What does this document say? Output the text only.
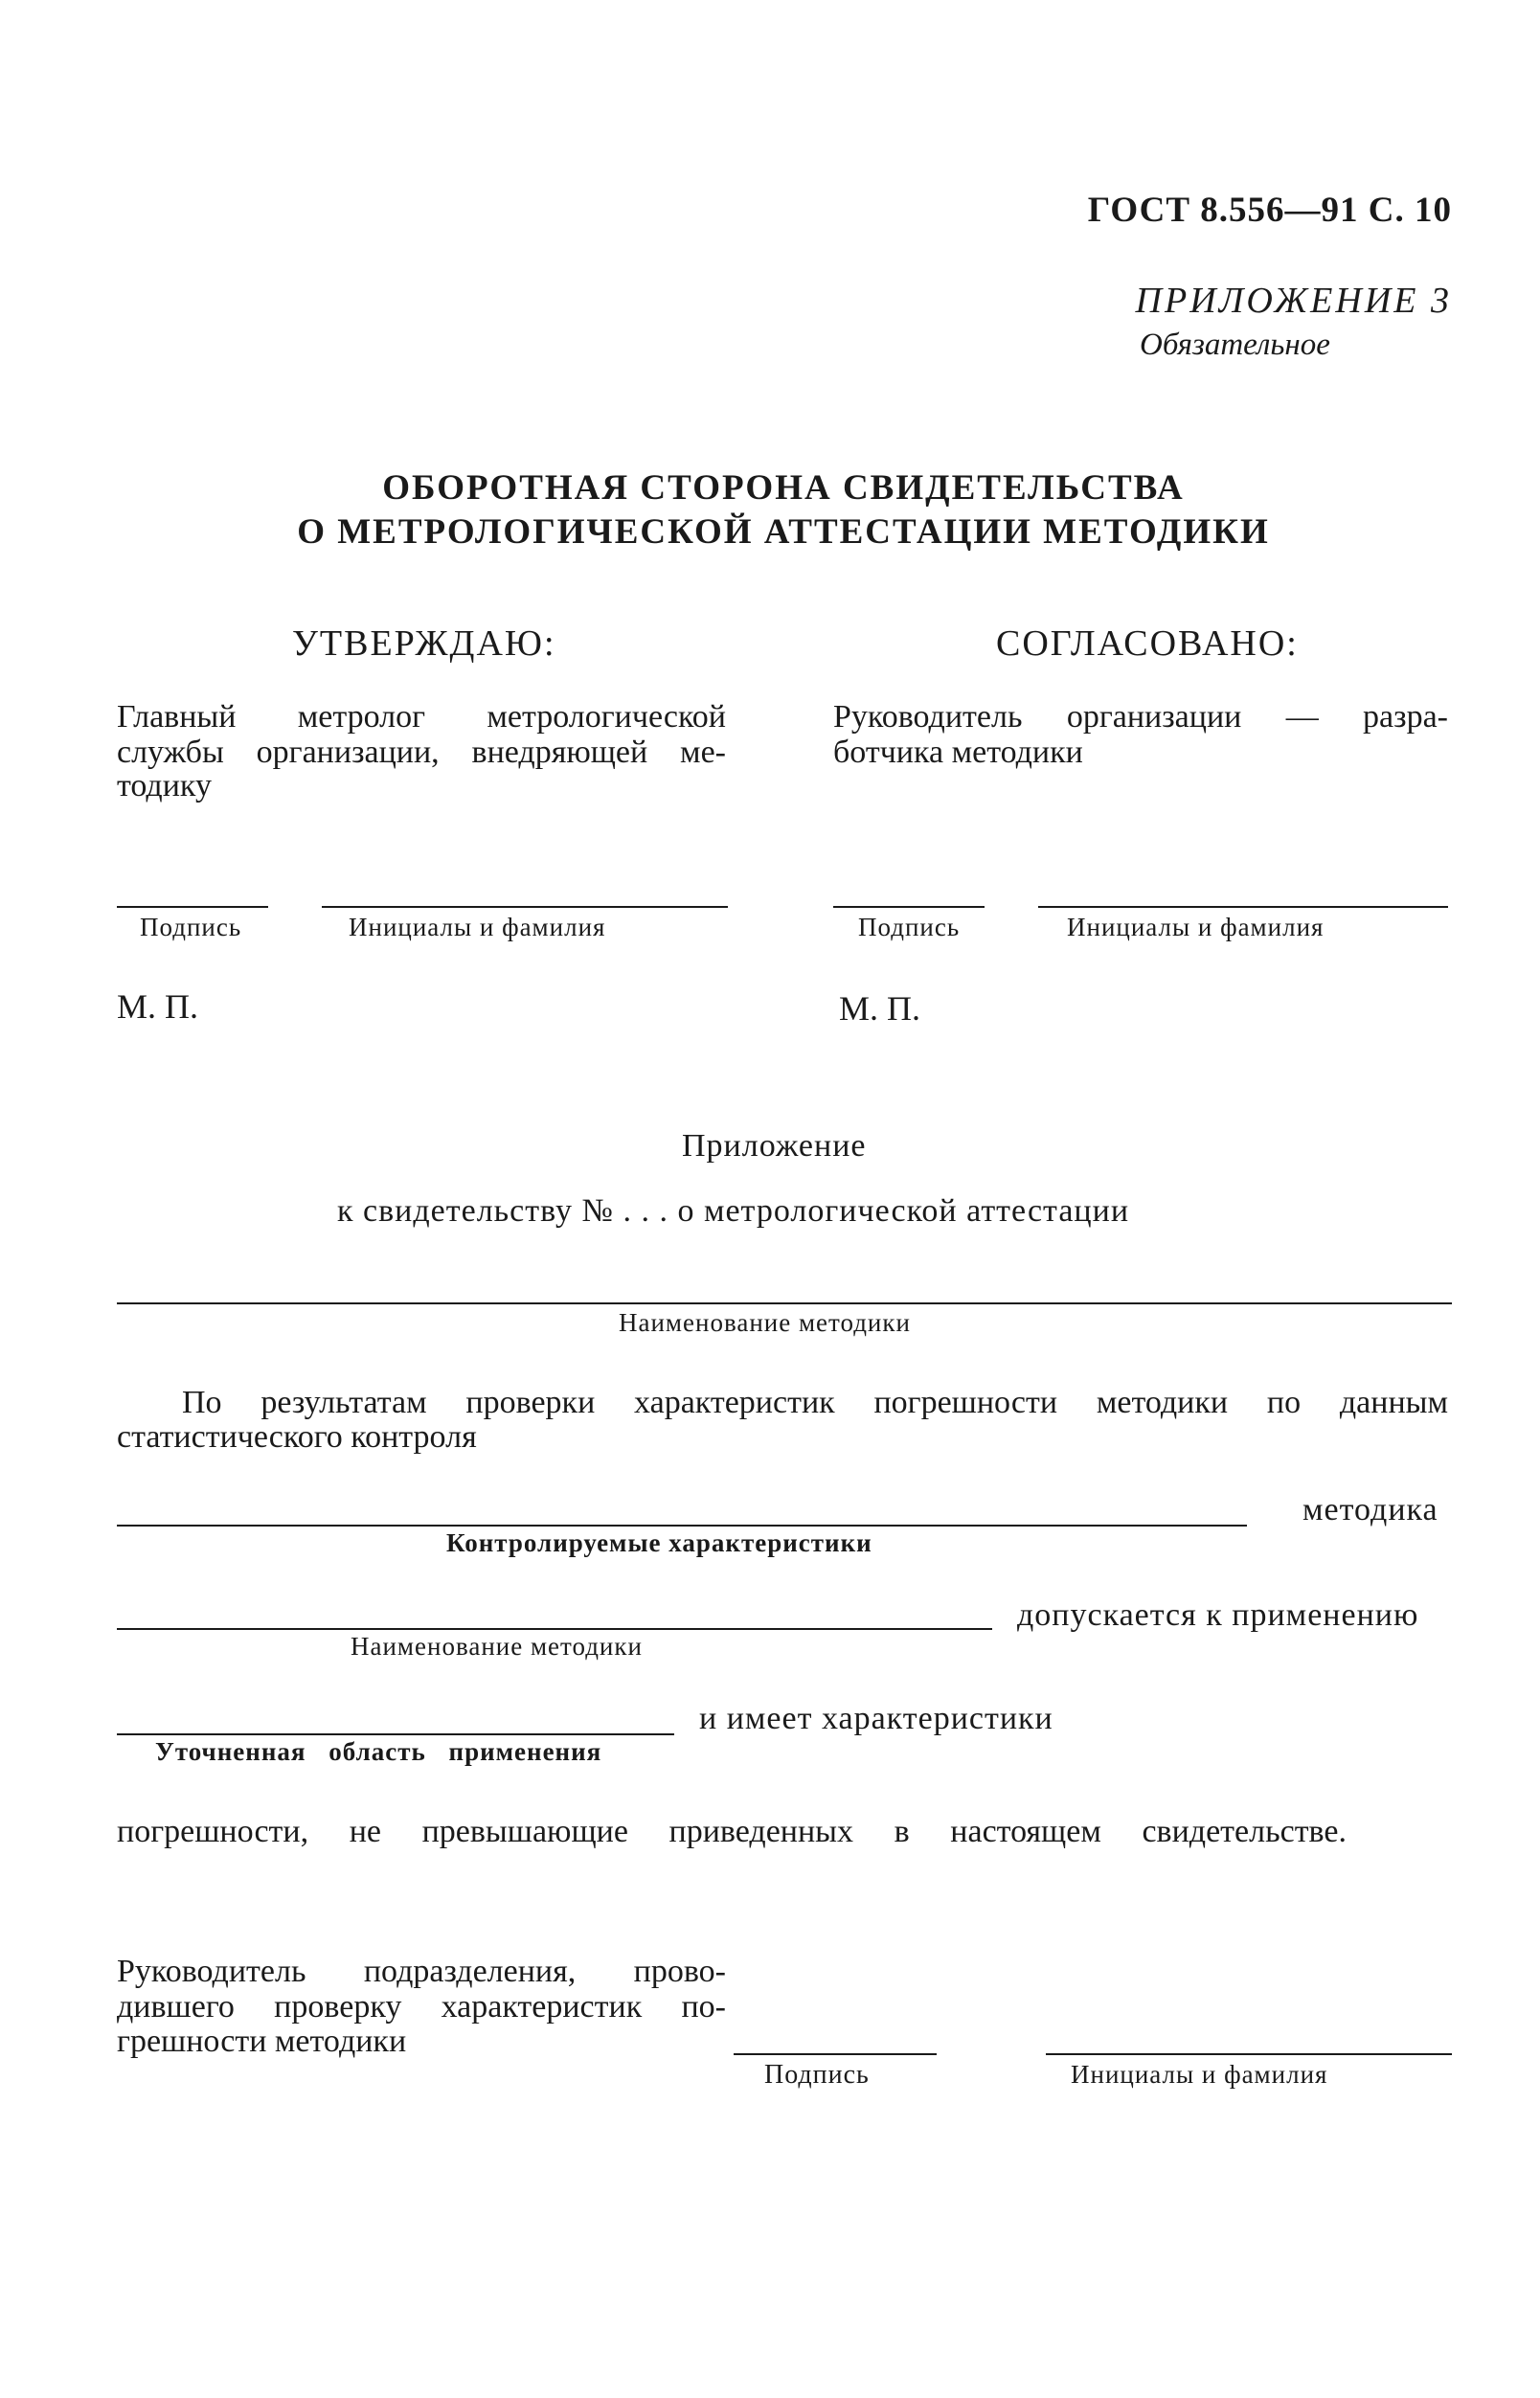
ГОСТ 8.556—91 С. 10
ПРИЛОЖЕНИЕ 3
Обязательное
ОБОРОТНАЯ СТОРОНА СВИДЕТЕЛЬСТВА
О МЕТРОЛОГИЧЕСКОЙ АТТЕСТАЦИИ МЕТОДИКИ
УТВЕРЖДАЮ:
Главный метролог метрологической
службы организации, внедряющей ме-
тодику
Подпись	Инициалы и фамилия
М. П.
СОГЛАСОВАНО:
Руководитель организации — разра-
ботчика методики
Подпись	Инициалы и фамилия
М. П.
Приложение
к свидетельству № . . . о метрологической аттестации
Наименование методики
По результатам проверки характеристик погрешности методики по данным
статистического контроля
методика
Контролируемые характеристики
допускается к применению
Наименование методики
и имеет характеристики
Уточненная область применения
погрешности, не превышающие приведенных в настоящем свидетельстве.
Руководитель подразделения, прово-
дившего проверку характеристик по-
грешности методики
Подпись	Инициалы и фамилия
